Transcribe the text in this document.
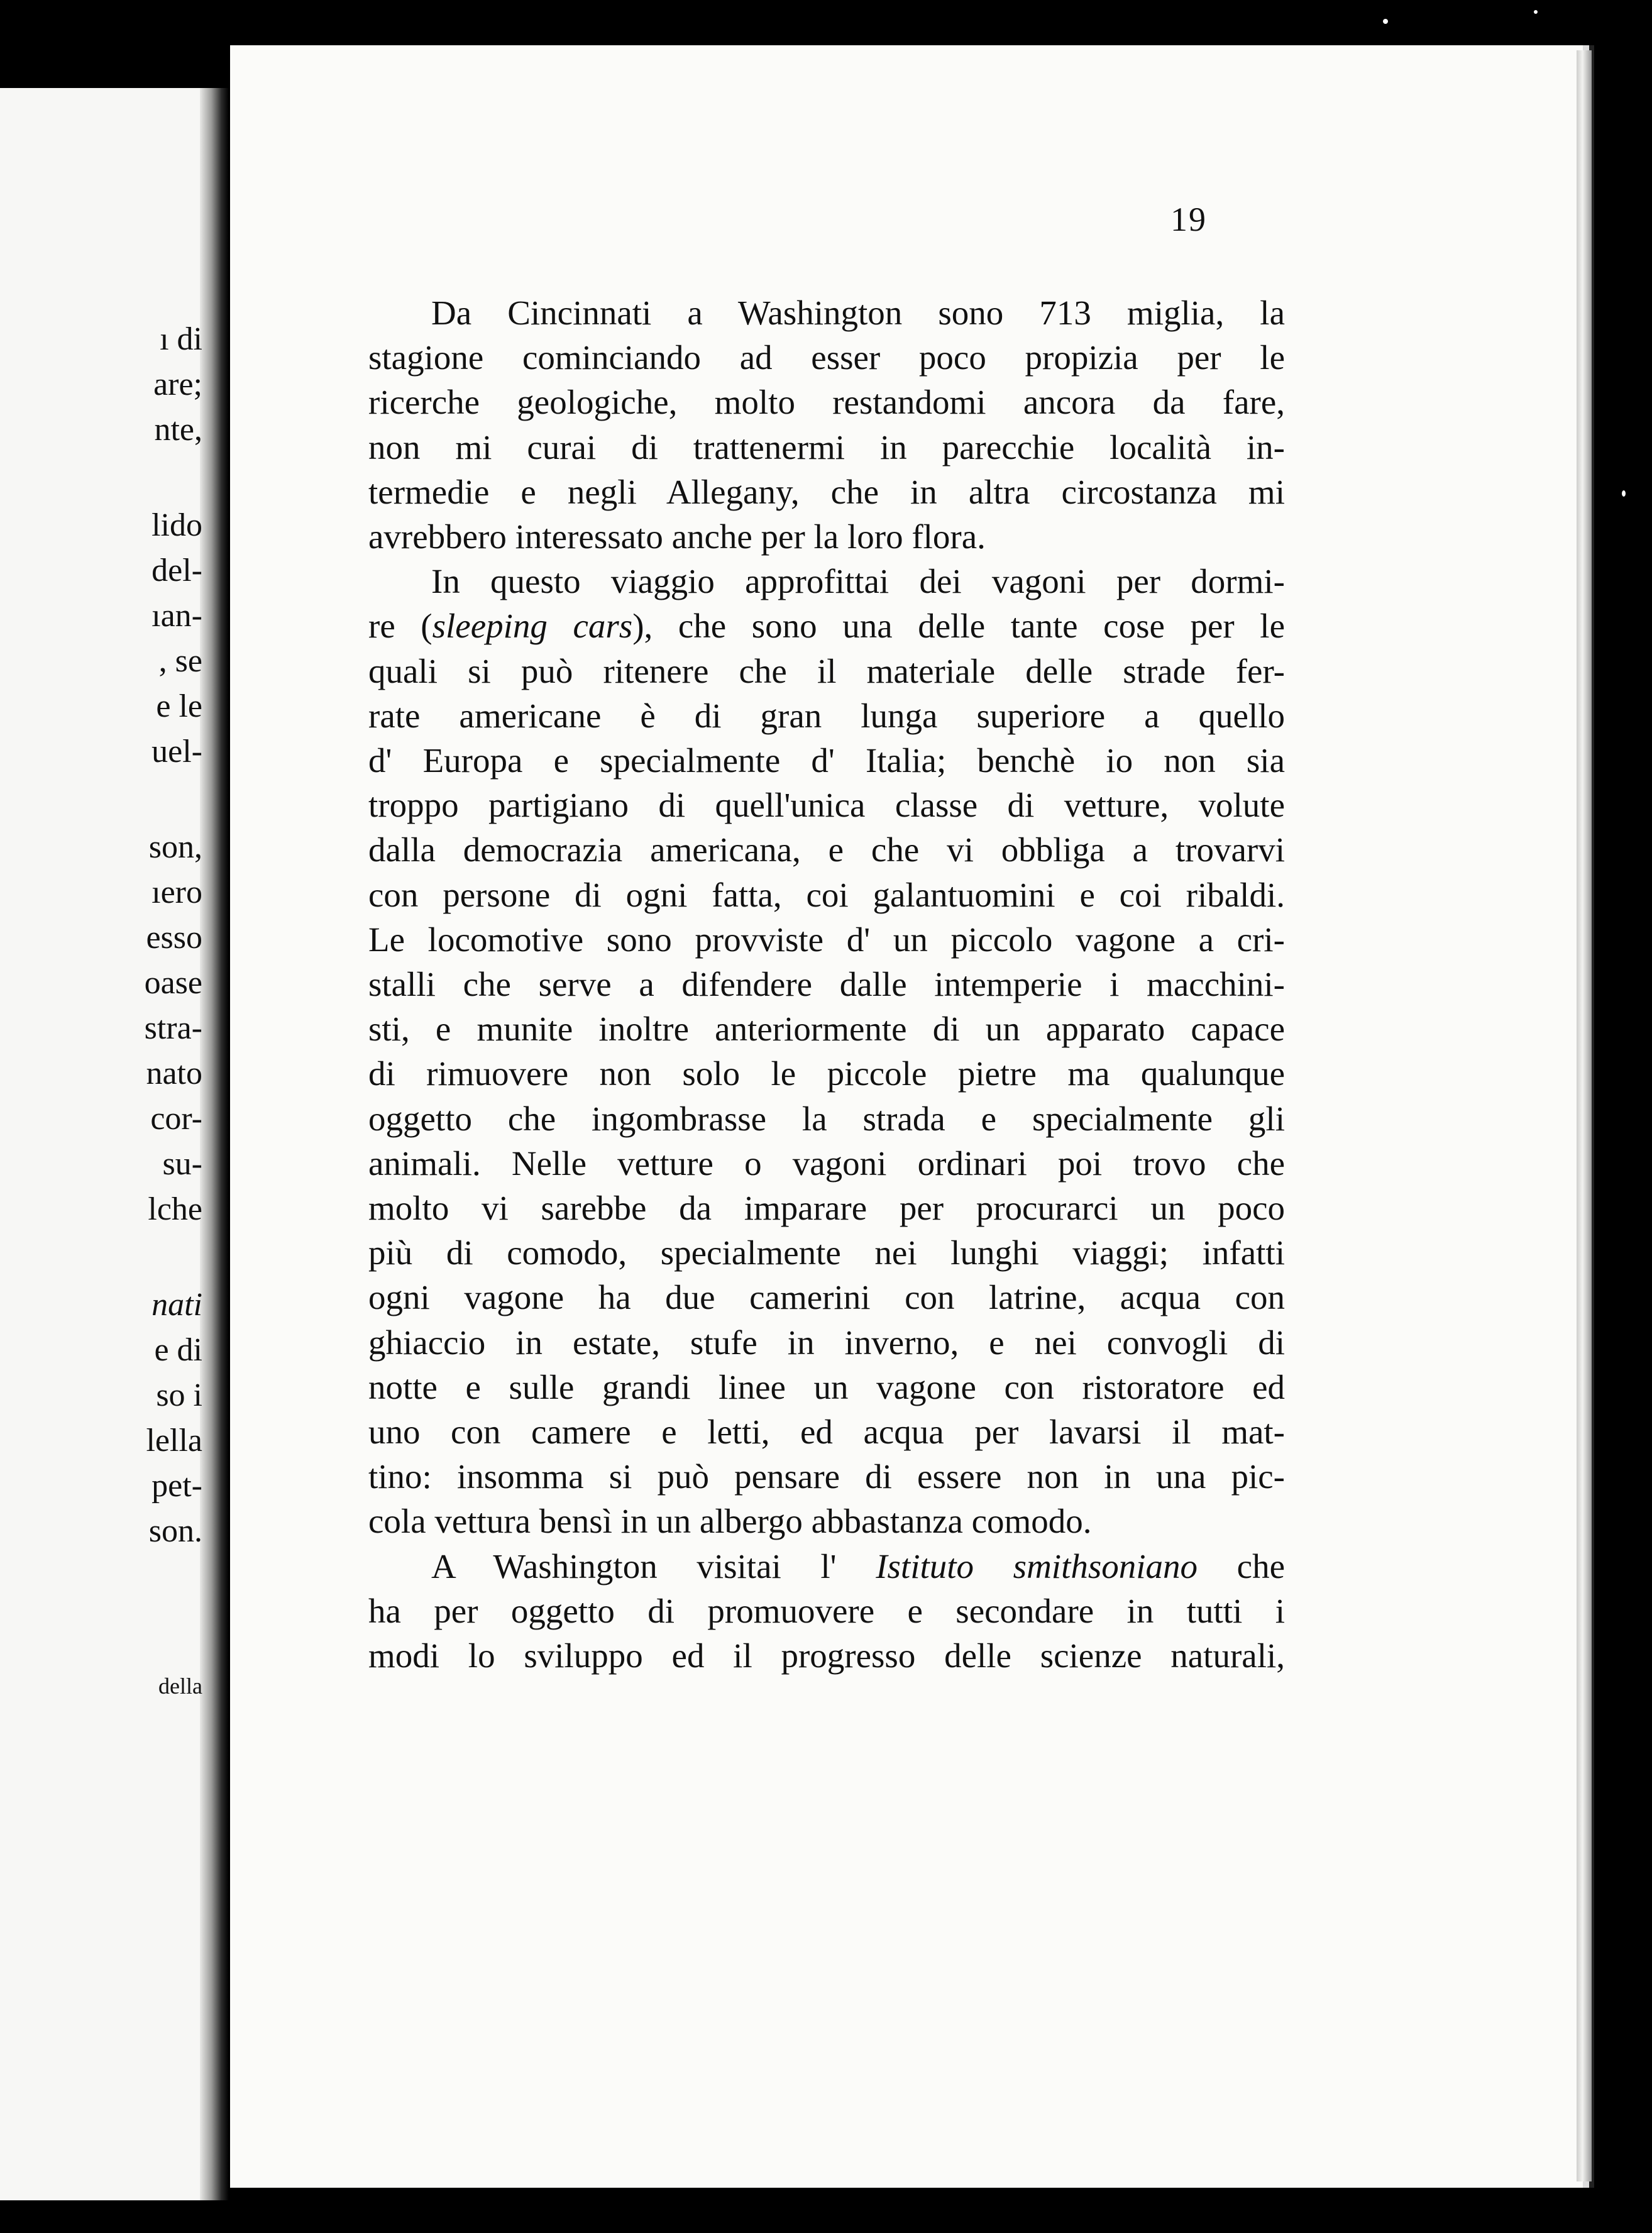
ı di
are;
nte,
lido
del-
ıan-
, se
e le
uel-
son,
ıero
esso
oase
stra-
nato
cor-
su-
lche
nati
e di
so i
lella
pet-
son.
della
19
Da Cincinnati a Washington sono 713 miglia, la
stagione cominciando ad esser poco propizia per le
ricerche geologiche, molto restandomi ancora da fare,
non mi curai di trattenermi in parecchie località in-
termedie e negli Allegany, che in altra circostanza mi
avrebbero interessato anche per la loro flora.
In questo viaggio approfittai dei vagoni per dormi-
re (sleeping cars), che sono una delle tante cose per le
quali si può ritenere che il materiale delle strade fer-
rate americane è di gran lunga superiore a quello
d' Europa e specialmente d' Italia; benchè io non sia
troppo partigiano di quell'unica classe di vetture, volute
dalla democrazia americana, e che vi obbliga a trovarvi
con persone di ogni fatta, coi galantuomini e coi ribaldi.
Le locomotive sono provviste d' un piccolo vagone a cri-
stalli che serve a difendere dalle intemperie i macchini-
sti, e munite inoltre anteriormente di un apparato capace
di rimuovere non solo le piccole pietre ma qualunque
oggetto che ingombrasse la strada e specialmente gli
animali. Nelle vetture o vagoni ordinari poi trovo che
molto vi sarebbe da imparare per procurarci un poco
più di comodo, specialmente nei lunghi viaggi; infatti
ogni vagone ha due camerini con latrine, acqua con
ghiaccio in estate, stufe in inverno, e nei convogli di
notte e sulle grandi linee un vagone con ristoratore ed
uno con camere e letti, ed acqua per lavarsi il mat-
tino: insomma si può pensare di essere non in una pic-
cola vettura bensì in un albergo abbastanza comodo.
A Washington visitai l' Istituto smithsoniano che
ha per oggetto di promuovere e secondare in tutti i
modi lo sviluppo ed il progresso delle scienze naturali,
